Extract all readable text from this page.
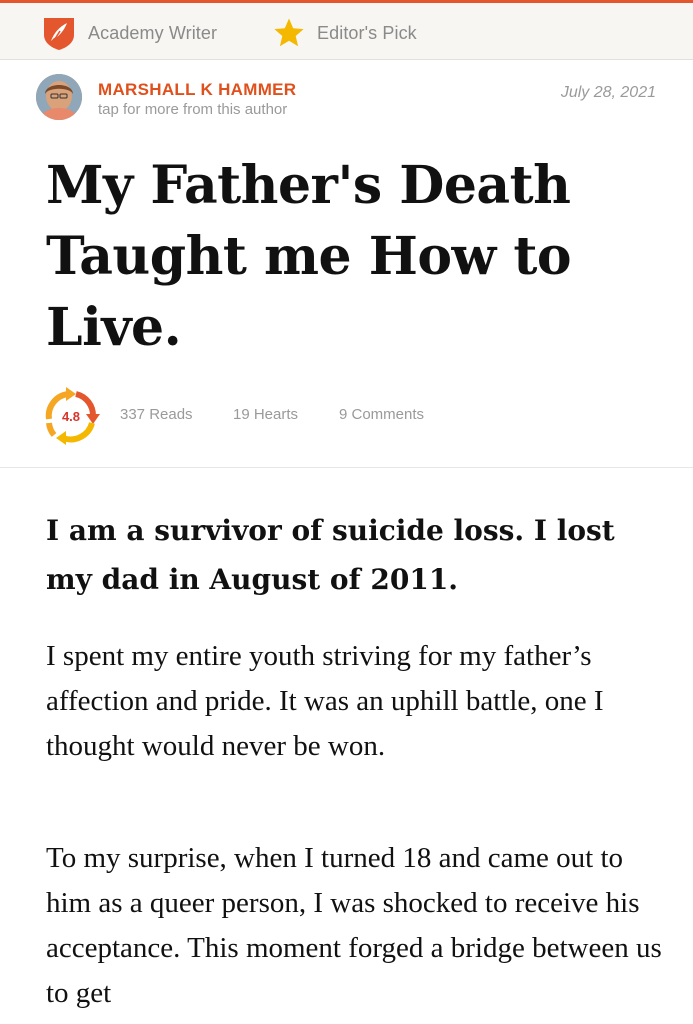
Academy Writer	Editor's Pick
MARSHALL K HAMMER
tap for more from this author
July 28, 2021
My Father's Death Taught me How to Live.
4.8	337 Reads	19 Hearts	9 Comments

I am a survivor of suicide loss. I lost my dad in August of 2011.

I spent my entire youth striving for my father’s affection and pride. It was an uphill battle, one I thought would never be won.

To my surprise, when I turned 18 and came out to him as a queer person, I was shocked to receive his acceptance. This moment forged a bridge between us to get
